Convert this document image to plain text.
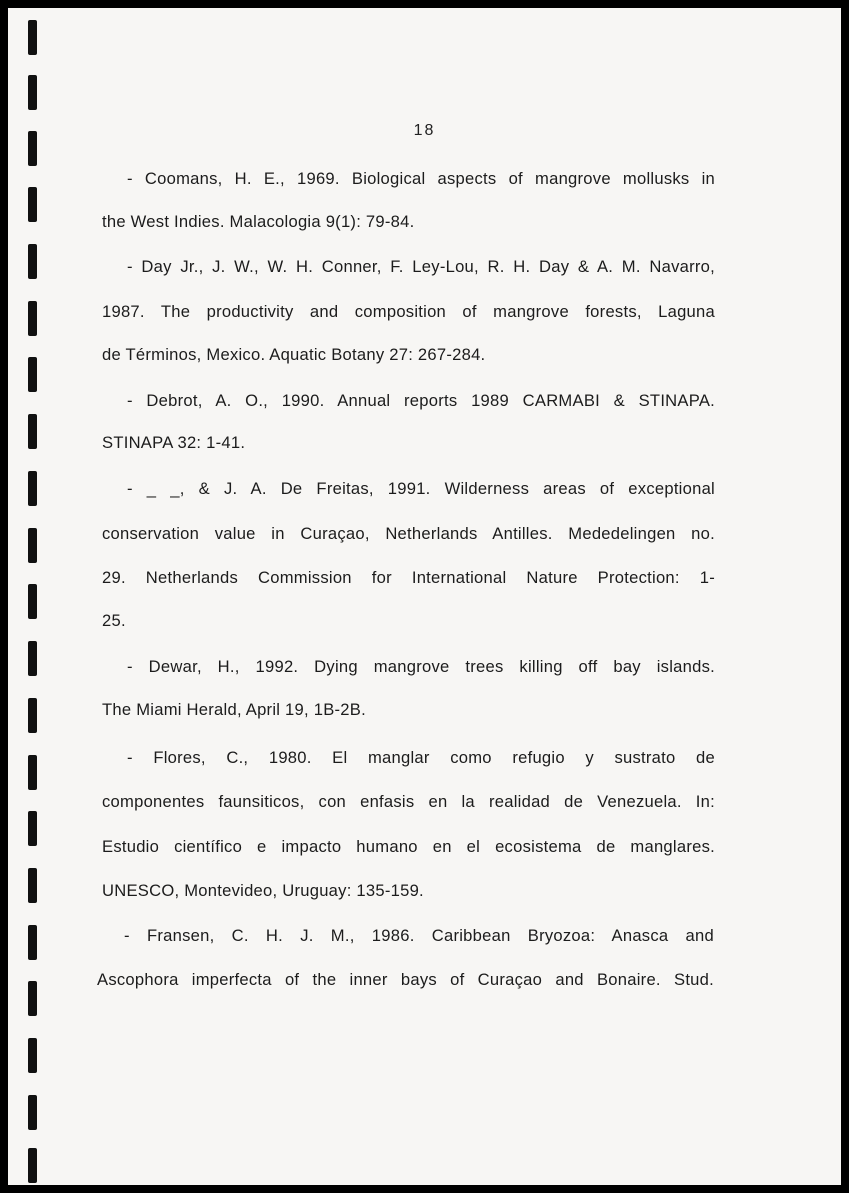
18
- Coomans, H. E., 1969. Biological aspects of mangrove mollusks in
the West Indies. Malacologia 9(1): 79-84.
- Day Jr., J. W., W. H. Conner, F. Ley-Lou, R. H. Day & A. M. Navarro,
1987. The productivity and composition of mangrove forests, Laguna
de Términos, Mexico. Aquatic Botany 27: 267-284.
- Debrot, A. O., 1990. Annual reports 1989 CARMABI & STINAPA.
STINAPA 32: 1-41.
- _ _, & J. A. De Freitas, 1991. Wilderness areas of exceptional
conservation value in Curaçao, Netherlands Antilles. Mededelingen no.
29. Netherlands Commission for International Nature Protection: 1-
25.
- Dewar, H., 1992. Dying mangrove trees killing off bay islands.
The Miami Herald, April 19, 1B-2B.
- Flores, C., 1980. El manglar como refugio y sustrato de
componentes faunsiticos, con enfasis en la realidad de Venezuela. In:
Estudio científico e impacto humano en el ecosistema de manglares.
UNESCO, Montevideo, Uruguay: 135-159.
- Fransen, C. H. J. M., 1986. Caribbean Bryozoa: Anasca and
Ascophora imperfecta of the inner bays of Curaçao and Bonaire. Stud.
